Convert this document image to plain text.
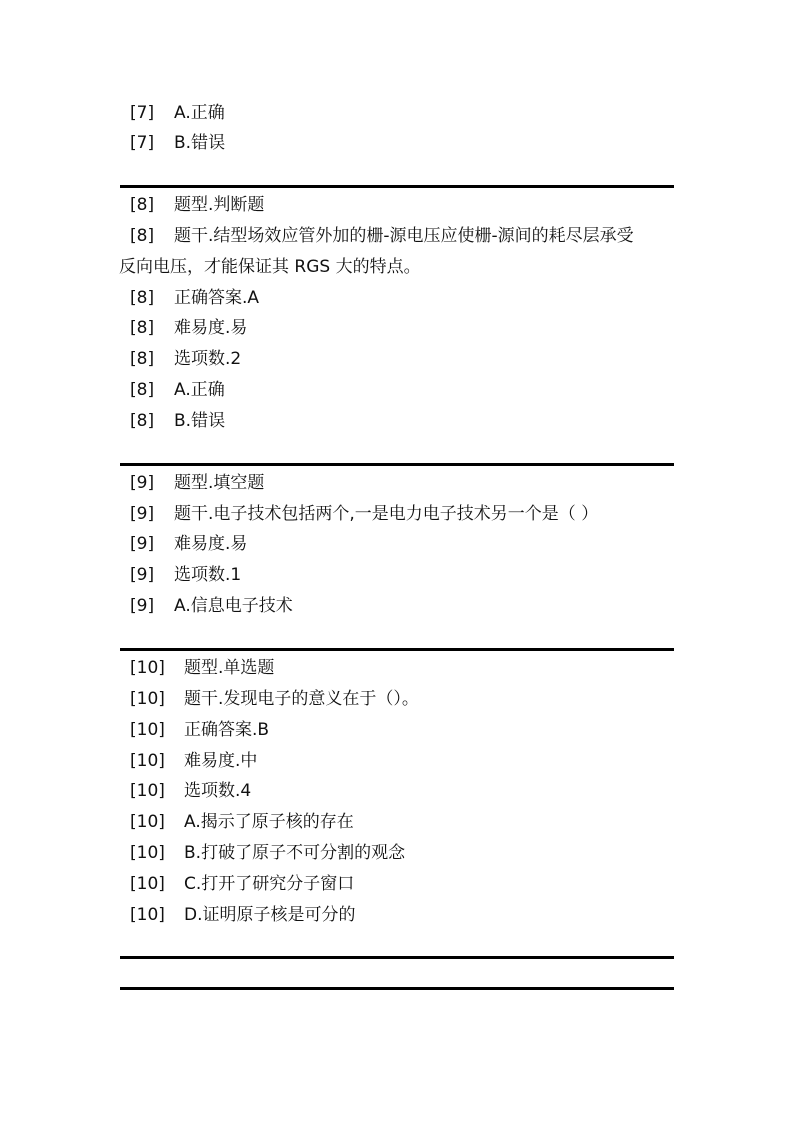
[7] A.正确
[7] B.错误
[8] 题型.判断题
[8] 题干.结型场效应管外加的栅-源电压应使栅-源间的耗尽层承受
反向电压，才能保证其 RGS 大的特点。
[8] 正确答案.A
[8] 难易度.易
[8] 选项数.2
[8] A.正确
[8] B.错误
[9] 题型.填空题
[9] 题干.电子技术包括两个,一是电力电子技术另一个是（ ）
[9] 难易度.易
[9] 选项数.1
[9] A.信息电子技术
[10] 题型.单选题
[10] 题干.发现电子的意义在于（）。
[10] 正确答案.B
[10] 难易度.中
[10] 选项数.4
[10] A.揭示了原子核的存在
[10] B.打破了原子不可分割的观念
[10] C.打开了研究分子窗口
[10] D.证明原子核是可分的
